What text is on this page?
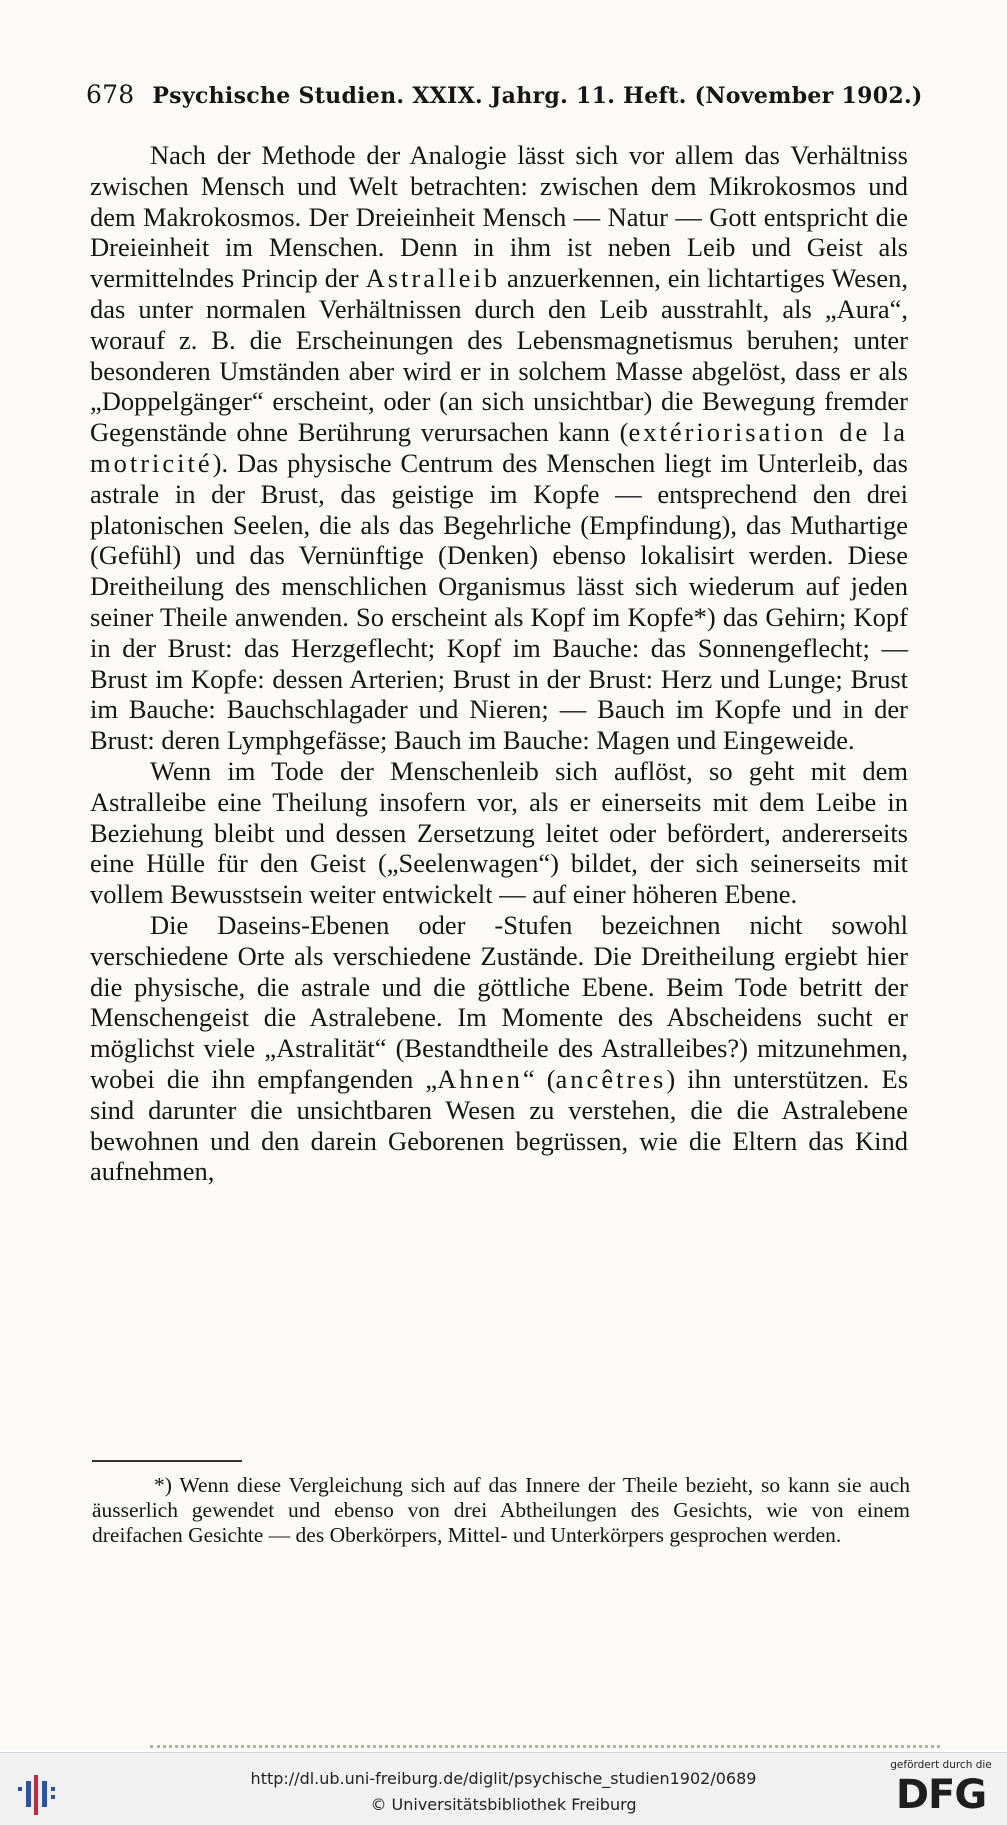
678 Psychische Studien. XXIX. Jahrg. 11. Heft. (November 1902.)

Nach der Methode der Analogie lässt sich vor allem das Verhältniss zwischen Mensch und Welt betrachten: zwischen dem Mikrokosmos und dem Makrokosmos. Der Dreieinheit Mensch — Natur — Gott entspricht die Dreieinheit im Menschen. Denn in ihm ist neben Leib und Geist als vermittelndes Princip der Astralleib anzuerkennen, ein lichtartiges Wesen, das unter normalen Verhältnissen durch den Leib ausstrahlt, als „Aura“, worauf z. B. die Erscheinungen des Lebensmagnetismus beruhen; unter besonderen Umständen aber wird er in solchem Masse abgelöst, dass er als „Doppelgänger“ erscheint, oder (an sich unsichtbar) die Bewegung fremder Gegenstände ohne Berührung verursachen kann (extériorisation de la motricité). Das physische Centrum des Menschen liegt im Unterleib, das astrale in der Brust, das geistige im Kopfe — entsprechend den drei platonischen Seelen, die als das Begehrliche (Empfindung), das Muthartige (Gefühl) und das Vernünftige (Denken) ebenso lokalisirt werden. Diese Dreitheilung des menschlichen Organismus lässt sich wiederum auf jeden seiner Theile anwenden. So erscheint als Kopf im Kopfe*) das Gehirn; Kopf in der Brust: das Herzgeflecht; Kopf im Bauche: das Sonnengeflecht; — Brust im Kopfe: dessen Arterien; Brust in der Brust: Herz und Lunge; Brust im Bauche: Bauchschlagader und Nieren; — Bauch im Kopfe und in der Brust: deren Lymphgefässe; Bauch im Bauche: Magen und Eingeweide.

Wenn im Tode der Menschenleib sich auflöst, so geht mit dem Astralleibe eine Theilung insofern vor, als er einerseits mit dem Leibe in Beziehung bleibt und dessen Zersetzung leitet oder befördert, andererseits eine Hülle für den Geist („Seelenwagen“) bildet, der sich seinerseits mit vollem Bewusstsein weiter entwickelt — auf einer höheren Ebene.

Die Daseins-Ebenen oder -Stufen bezeichnen nicht sowohl verschiedene Orte als verschiedene Zustände. Die Dreitheilung ergiebt hier die physische, die astrale und die göttliche Ebene. Beim Tode betritt der Menschengeist die Astralebene. Im Momente des Abscheidens sucht er möglichst viele „Astralität“ (Bestandtheile des Astralleibes?) mitzunehmen, wobei die ihn empfangenden „Ahnen“ (ancêtres) ihn unterstützen. Es sind darunter die unsichtbaren Wesen zu verstehen, die die Astralebene bewohnen und den darein Geborenen begrüssen, wie die Eltern das Kind aufnehmen,

*) Wenn diese Vergleichung sich auf das Innere der Theile bezieht, so kann sie auch äusserlich gewendet und ebenso von drei Abtheilungen des Gesichts, wie von einem dreifachen Gesichte — des Oberkörpers, Mittel- und Unterkörpers gesprochen werden.

http://dl.ub.uni-freiburg.de/diglit/psychische_studien1902/0689
© Universitätsbibliothek Freiburg
gefördert durch die
DFG
